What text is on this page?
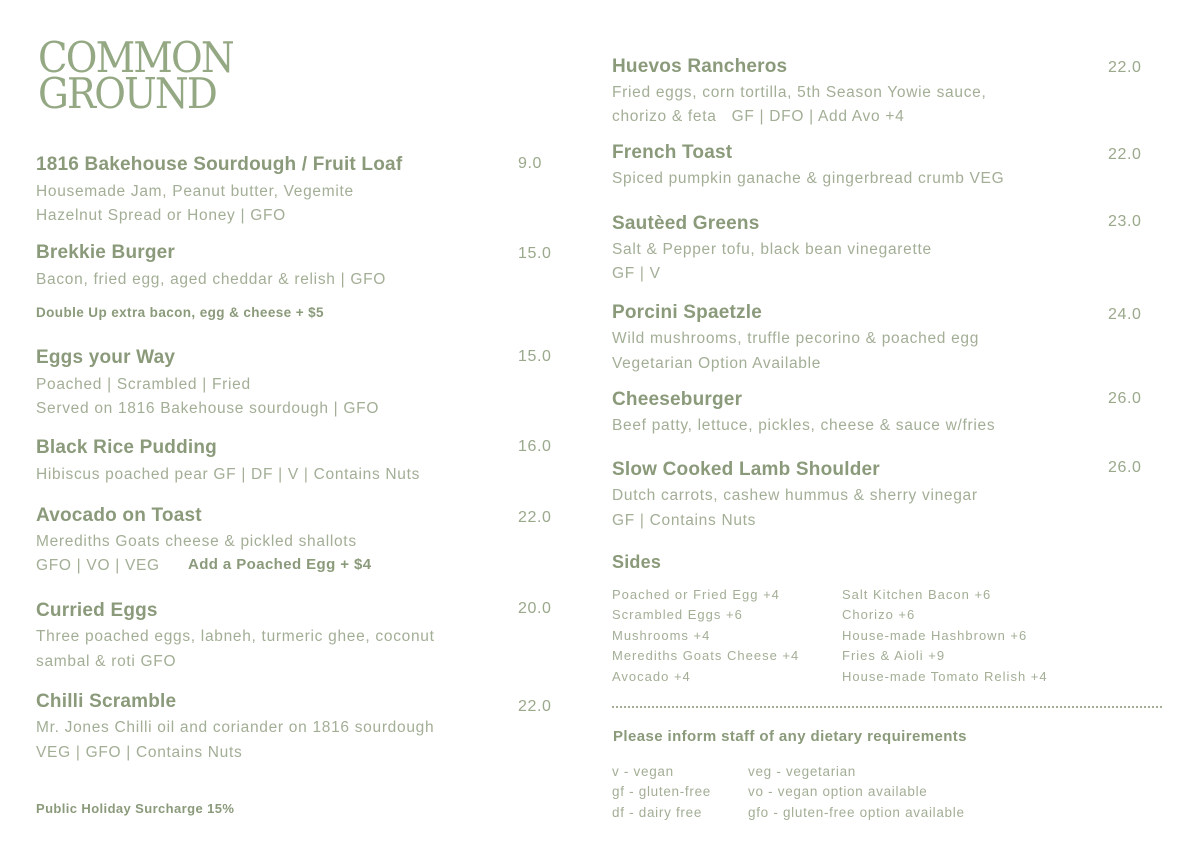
COMMON
GROUND
1816 Bakehouse Sourdough / Fruit Loaf	9.0
Housemade Jam, Peanut butter, Vegemite
Hazelnut Spread or Honey | GFO
Brekkie Burger	15.0
Bacon, fried egg, aged cheddar & relish | GFO
Double Up extra bacon, egg & cheese + $5
Eggs your Way	15.0
Poached | Scrambled | Fried
Served on 1816 Bakehouse sourdough | GFO
Black Rice Pudding	16.0
Hibiscus poached pear GF | DF | V | Contains Nuts
Avocado on Toast	22.0
Merediths Goats cheese & pickled shallots
GFO | VO | VEG Add a Poached Egg + $4
Curried Eggs	20.0
Three poached eggs, labneh, turmeric ghee, coconut
sambal & roti GFO
Chilli Scramble	22.0
Mr. Jones Chilli oil and coriander on 1816 sourdough
VEG | GFO | Contains Nuts
Public Holiday Surcharge 15%
Huevos Rancheros	22.0
Fried eggs, corn tortilla, 5th Season Yowie sauce,
chorizo & feta   GF | DFO | Add Avo +4
French Toast	22.0
Spiced pumpkin ganache & gingerbread crumb VEG
Sautèed Greens	23.0
Salt & Pepper tofu, black bean vinegarette
GF | V
Porcini Spaetzle	24.0
Wild mushrooms, truffle pecorino & poached egg
Vegetarian Option Available
Cheeseburger	26.0
Beef patty, lettuce, pickles, cheese & sauce w/fries
Slow Cooked Lamb Shoulder	26.0
Dutch carrots, cashew hummus & sherry vinegar
GF | Contains Nuts
Sides
Poached or Fried Egg +4
Scrambled Eggs +6
Mushrooms +4
Merediths Goats Cheese +4
Avocado +4
Salt Kitchen Bacon +6
Chorizo +6
House-made Hashbrown +6
Fries & Aioli +9
House-made Tomato Relish +4
Please inform staff of any dietary requirements
v - vegan
gf - gluten-free
df - dairy free
veg - vegetarian
vo - vegan option available
gfo - gluten-free option available
